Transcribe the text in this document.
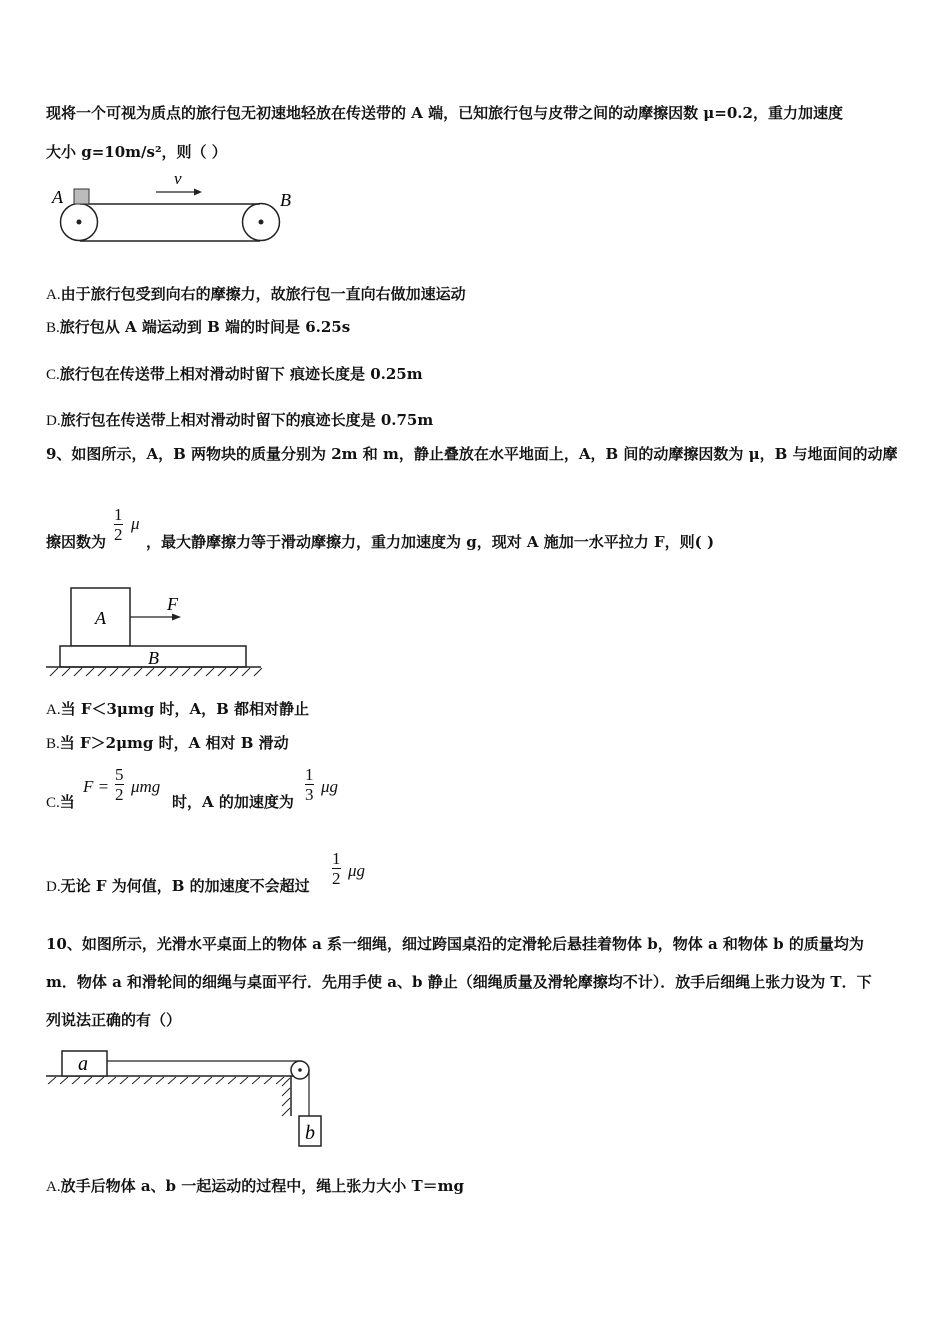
现将一个可视为质点的旅行包无初速地轻放在传送带的 A 端，已知旅行包与皮带之间的动摩擦因数 μ=0.2，重力加速度
大小 g=10m/s²，则（ ）
A	B
v
A.由于旅行包受到向右的摩擦力，故旅行包一直向右做加速运动
B.旅行包从 A 端运动到 B 端的时间是 6.25s
C.旅行包在传送带上相对滑动时留下 痕迹长度是 0.25m
D.旅行包在传送带上相对滑动时留下的痕迹长度是 0.75m
9、如图所示，A，B 两物块的质量分别为 2m 和 m，静止叠放在水平地面上，A，B 间的动摩擦因数为 μ，B 与地面间的动摩
擦因数为
1
2
μ
，最大静摩擦力等于滑动摩擦力，重力加速度为 g，现对 A 施加一水平拉力 F，则( )
A
B
F
A.当 F＜3μmg 时，A，B 都相对静止
B.当 F＞2μmg 时，A 相对 B 滑动
C.当
F =
5
2 μmg
时，A 的加速度为
1
3 μg
D.无论 F 为何值，B 的加速度不会超过
1
2 μg
10、如图所示，光滑水平桌面上的物体 a 系一细绳，细过跨国桌沿的定滑轮后悬挂着物体 b，物体 a 和物体 b 的质量均为
m．物体 a 和滑轮间的细绳与桌面平行．先用手使 a、b 静止（细绳质量及滑轮摩擦均不计）．放手后细绳上张力设为 T．下
列说法正确的有（）
a
b
A.放手后物体 a、b 一起运动的过程中，绳上张力大小 T＝mg
